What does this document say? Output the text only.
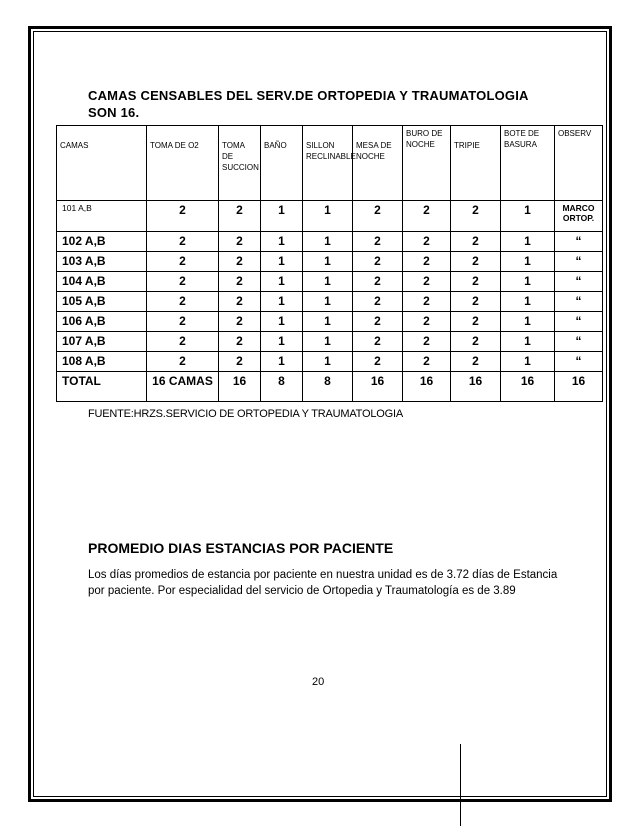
CAMAS CENSABLES DEL SERV.DE ORTOPEDIA Y TRAUMATOLOGIA SON 16.
CAMAS	TOMA DE O2	TOMA DE SUCCION	BAÑO	SILLON RECLINABLE	MESA DE NOCHE	BURO DE NOCHE	TRIPIE	BOTE DE BASURA	OBSERV
101 A,B	2	2	1	1	2	2	2	1	MARCO ORTOP.
102 A,B	2	2	1	1	2	2	2	1	“
103 A,B	2	2	1	1	2	2	2	1	“
104 A,B	2	2	1	1	2	2	2	1	“
105 A,B	2	2	1	1	2	2	2	1	“
106 A,B	2	2	1	1	2	2	2	1	“
107 A,B	2	2	1	1	2	2	2	1	“
108 A,B	2	2	1	1	2	2	2	1	“
TOTAL	16 CAMAS	16	8	8	16	16	16	16	16
FUENTE:HRZS.SERVICIO DE ORTOPEDIA Y TRAUMATOLOGIA
PROMEDIO DIAS ESTANCIAS POR PACIENTE
Los días promedios de estancia por paciente en nuestra unidad es de 3.72 días de Estancia por paciente. Por especialidad del servicio de Ortopedia y Traumatología es de 3.89
20
